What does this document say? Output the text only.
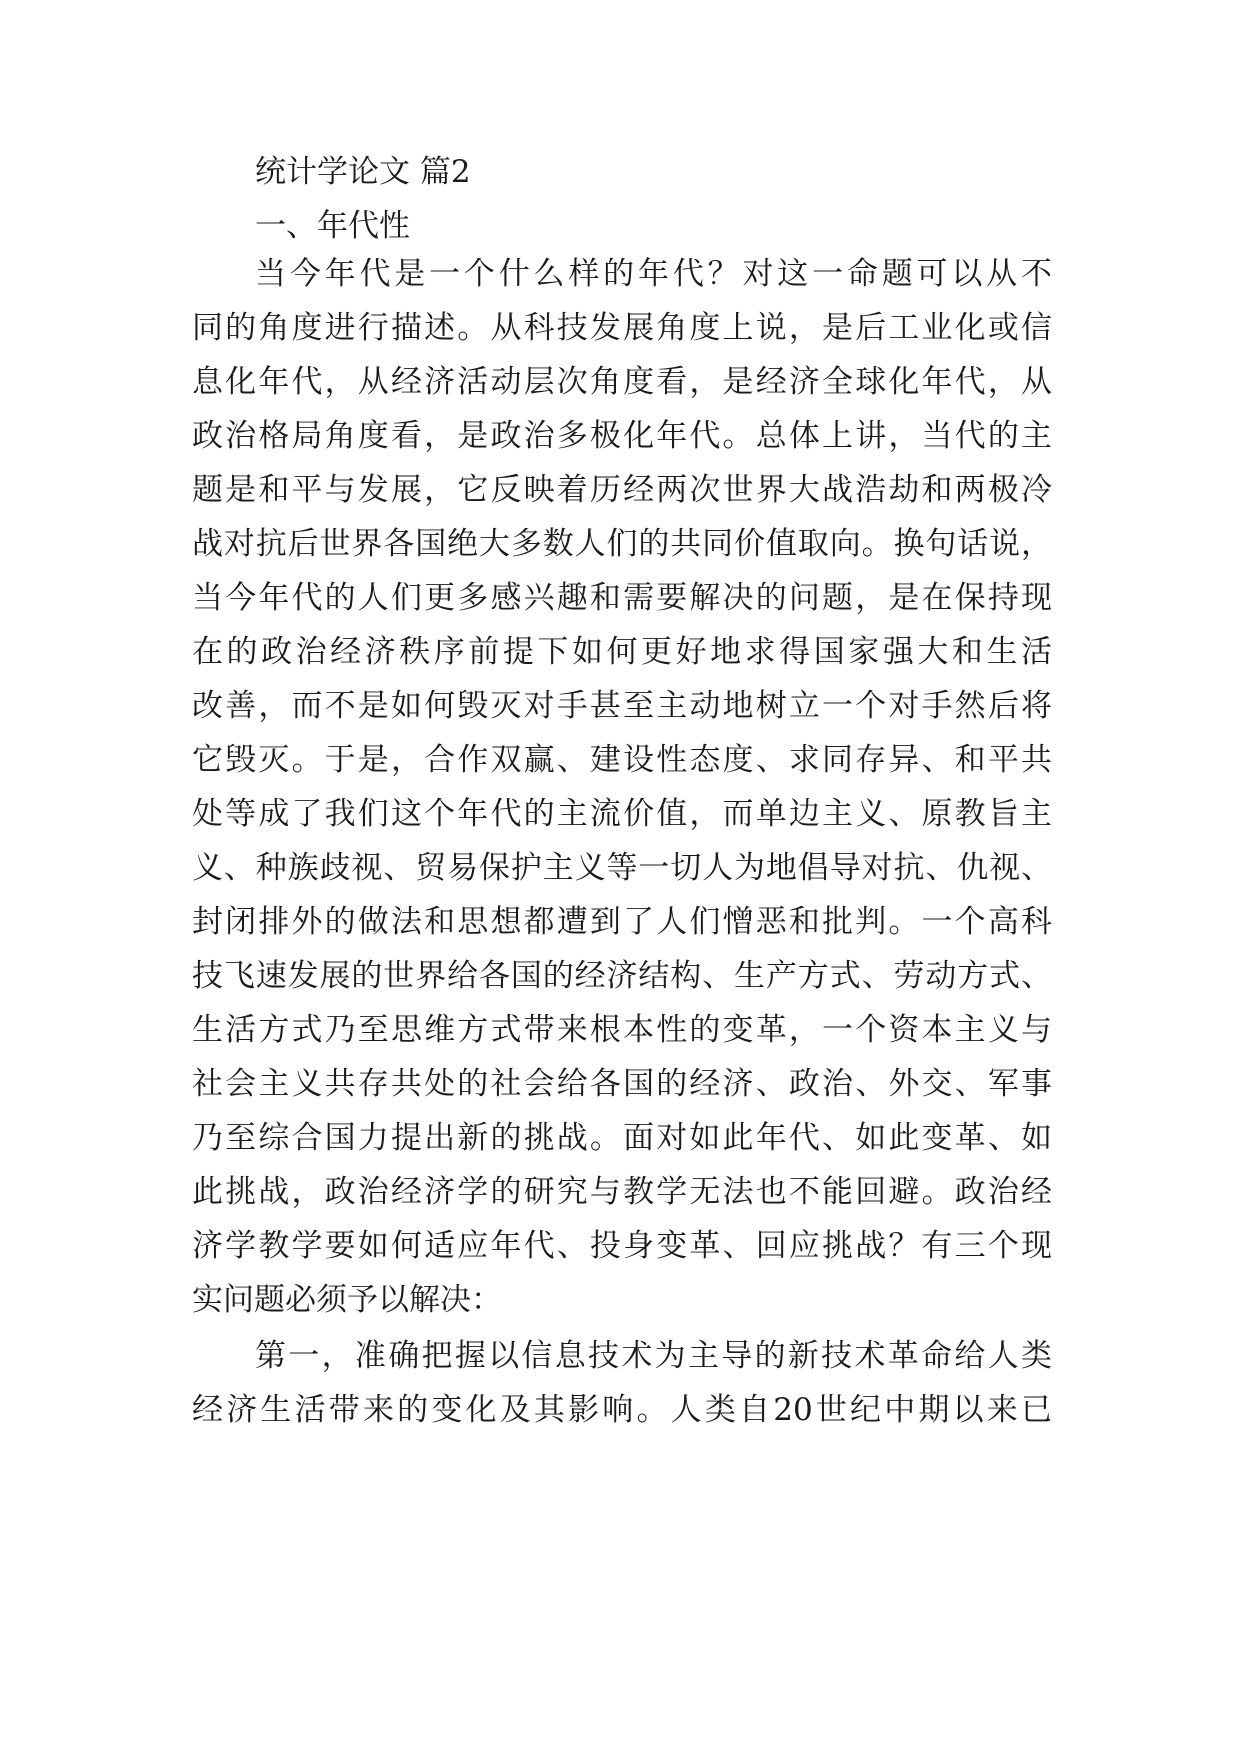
统计学论文 篇2
一、年代性
当今年代是一个什么样的年代？对这一命题可以从不
同的角度进行描述。从科技发展角度上说，是后工业化或信
息化年代，从经济活动层次角度看，是经济全球化年代，从
政治格局角度看，是政治多极化年代。总体上讲，当代的主
题是和平与发展，它反映着历经两次世界大战浩劫和两极冷
战对抗后世界各国绝大多数人们的共同价值取向。换句话说，
当今年代的人们更多感兴趣和需要解决的问题，是在保持现
在的政治经济秩序前提下如何更好地求得国家强大和生活
改善，而不是如何毁灭对手甚至主动地树立一个对手然后将
它毁灭。于是，合作双赢、建设性态度、求同存异、和平共
处等成了我们这个年代的主流价值，而单边主义、原教旨主
义、种族歧视、贸易保护主义等一切人为地倡导对抗、仇视、
封闭排外的做法和思想都遭到了人们憎恶和批判。一个高科
技飞速发展的世界给各国的经济结构、生产方式、劳动方式、
生活方式乃至思维方式带来根本性的变革，一个资本主义与
社会主义共存共处的社会给各国的经济、政治、外交、军事
乃至综合国力提出新的挑战。面对如此年代、如此变革、如
此挑战，政治经济学的研究与教学无法也不能回避。政治经
济学教学要如何适应年代、投身变革、回应挑战？有三个现
实问题必须予以解决：
第一，准确把握以信息技术为主导的新技术革命给人类
经济生活带来的变化及其影响。人类自20世纪中期以来已
